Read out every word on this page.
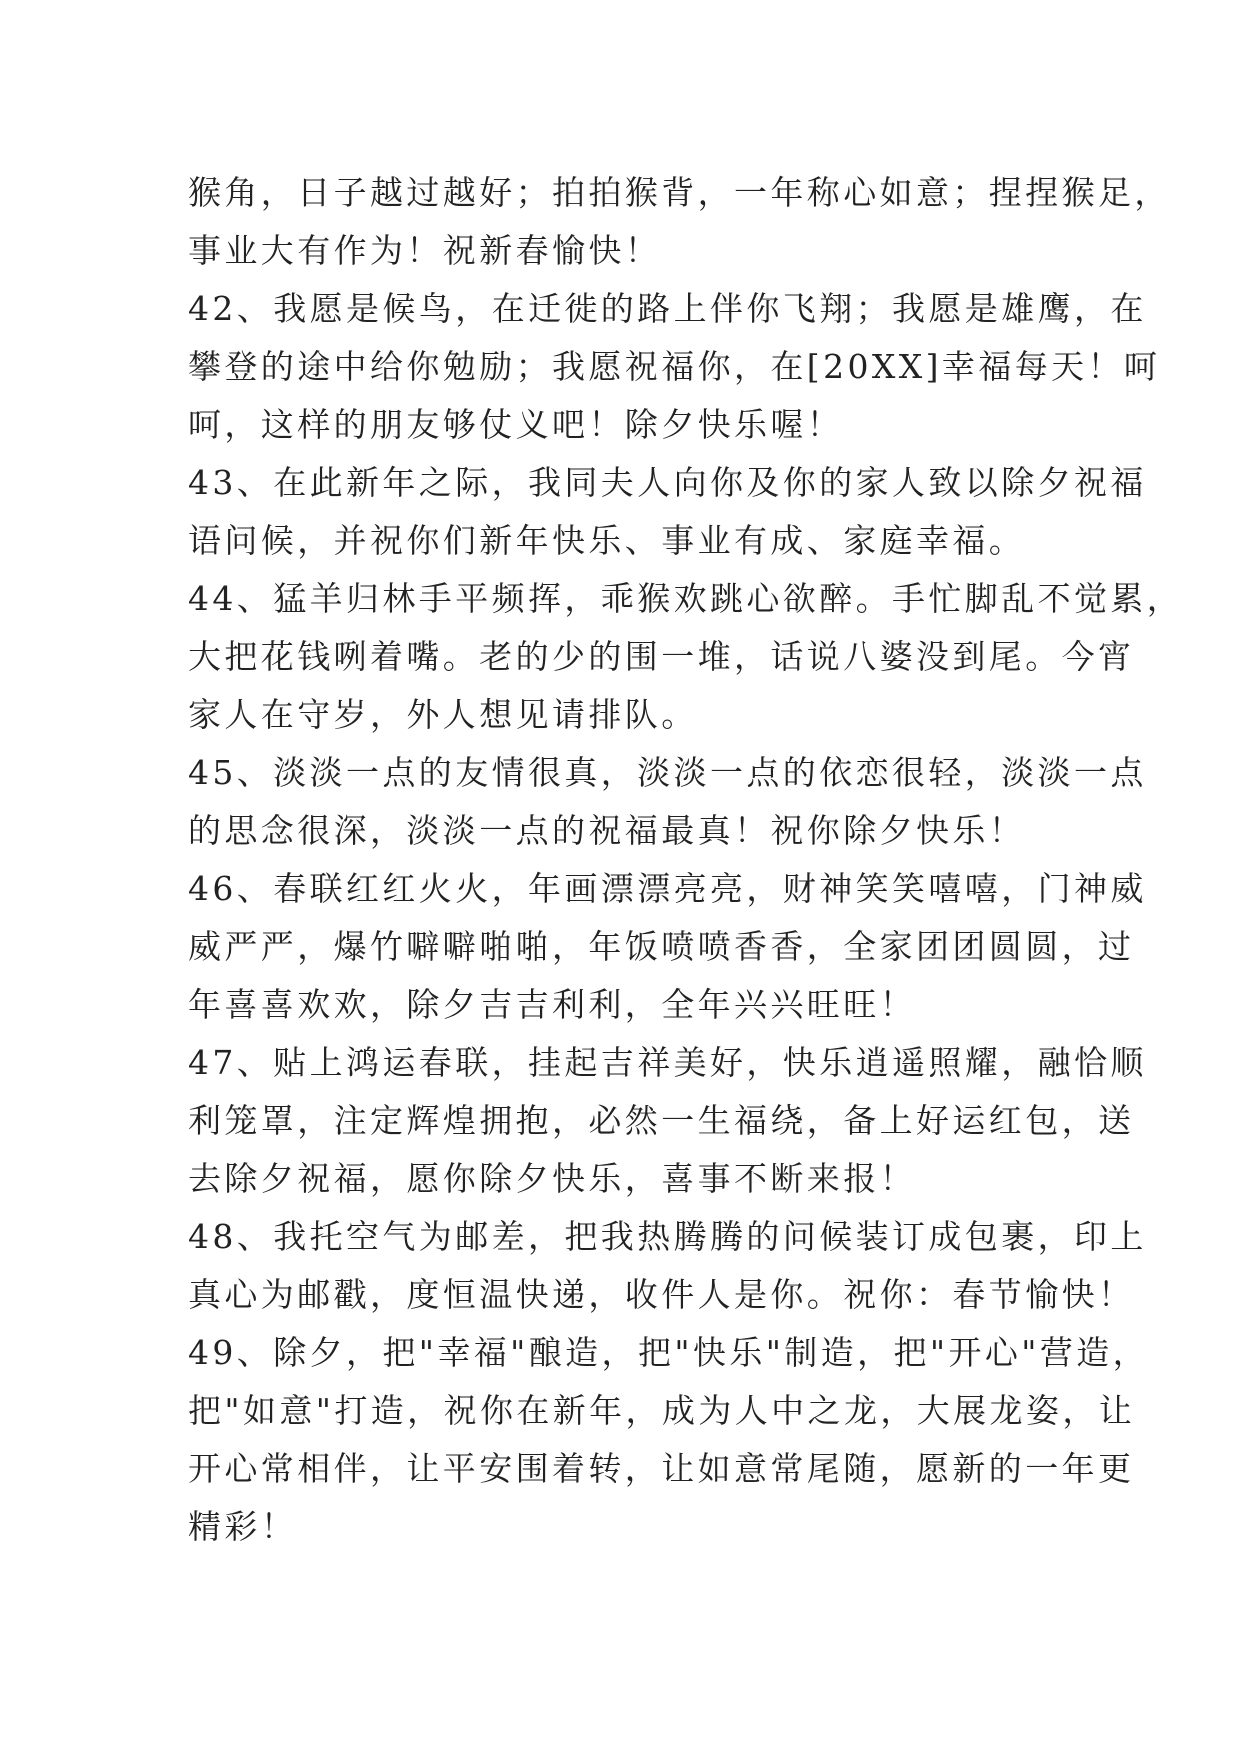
猴角，日子越过越好；拍拍猴背，一年称心如意；捏捏猴足，
事业大有作为！祝新春愉快！
42、我愿是候鸟，在迁徙的路上伴你飞翔；我愿是雄鹰，在
攀登的途中给你勉励；我愿祝福你，在[20XX]幸福每天！呵
呵，这样的朋友够仗义吧！除夕快乐喔！
43、在此新年之际，我同夫人向你及你的家人致以除夕祝福
语问候，并祝你们新年快乐、事业有成、家庭幸福。
44、猛羊归林手平频挥，乖猴欢跳心欲醉。手忙脚乱不觉累，
大把花钱咧着嘴。老的少的围一堆，话说八婆没到尾。今宵
家人在守岁，外人想见请排队。
45、淡淡一点的友情很真，淡淡一点的依恋很轻，淡淡一点
的思念很深，淡淡一点的祝福最真！祝你除夕快乐！
46、春联红红火火，年画漂漂亮亮，财神笑笑嘻嘻，门神威
威严严，爆竹噼噼啪啪，年饭喷喷香香，全家团团圆圆，过
年喜喜欢欢，除夕吉吉利利，全年兴兴旺旺！
47、贴上鸿运春联，挂起吉祥美好，快乐逍遥照耀，融恰顺
利笼罩，注定辉煌拥抱，必然一生福绕，备上好运红包，送
去除夕祝福，愿你除夕快乐，喜事不断来报！
48、我托空气为邮差，把我热腾腾的问候装订成包裹，印上
真心为邮戳，度恒温快递，收件人是你。祝你：春节愉快！
49、除夕，把"幸福"酿造，把"快乐"制造，把"开心"营造，
把"如意"打造，祝你在新年，成为人中之龙，大展龙姿，让
开心常相伴，让平安围着转，让如意常尾随，愿新的一年更
精彩！
